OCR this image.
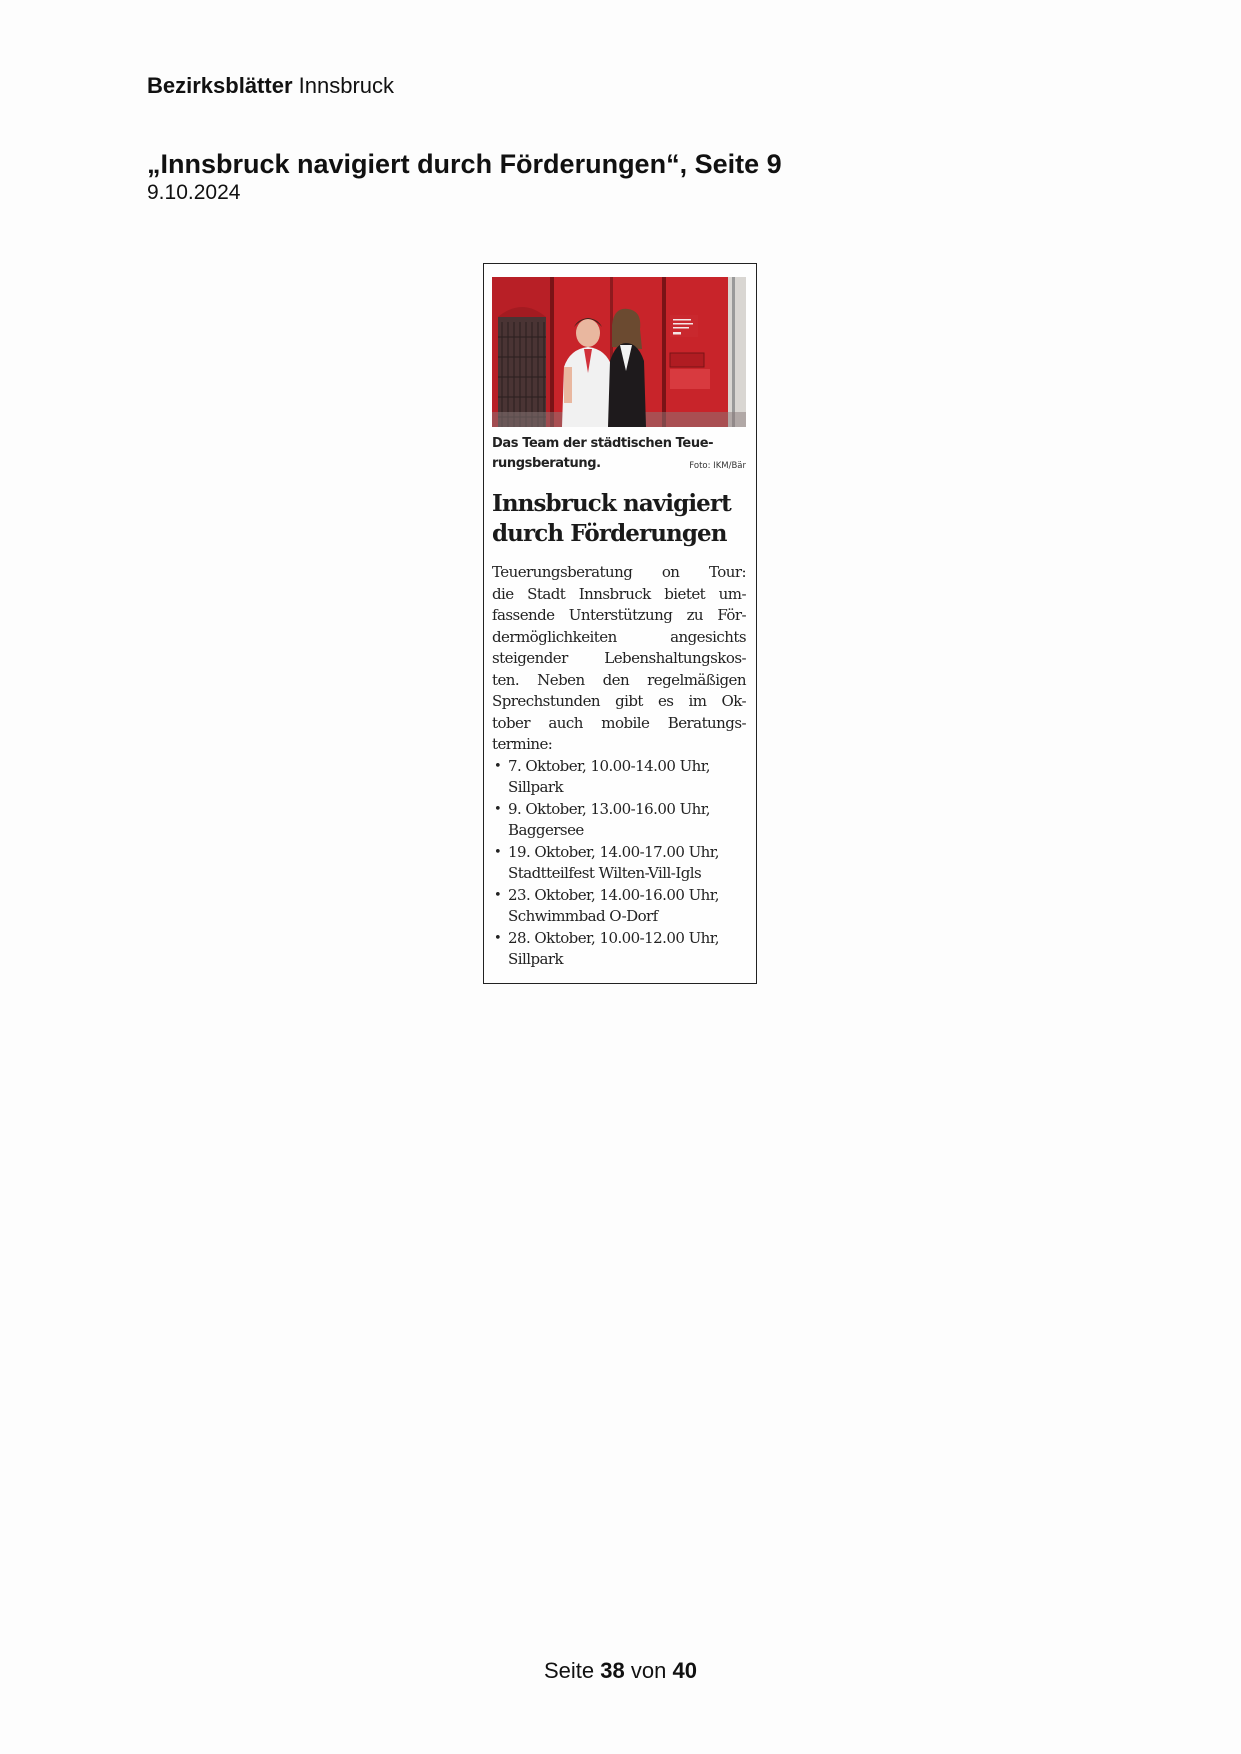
Bezirksblätter Innsbruck
„Innsbruck navigiert durch Förderungen“, Seite 9
9.10.2024
Das Team der städtischen Teue-

rungsberatung.	Foto: IKM/Bär
Innsbruck navigiert
durch Förderungen
Teuerungsberatung on Tour:
die Stadt Innsbruck bietet um-
fassende Unterstützung zu För-
dermöglichkeiten angesichts
steigender Lebenshaltungskos-
ten. Neben den regelmäßigen
Sprechstunden gibt es im Ok-
tober auch mobile Beratungs-
termine:
• 7. Oktober, 10.00-14.00 Uhr,
Sillpark
• 9. Oktober, 13.00-16.00 Uhr,
Baggersee
• 19. Oktober, 14.00-17.00 Uhr,
Stadtteilfest Wilten-Vill-Igls
• 23. Oktober, 14.00-16.00 Uhr,
Schwimmbad O-Dorf
• 28. Oktober, 10.00-12.00 Uhr,
Sillpark
Seite 38 von 40
